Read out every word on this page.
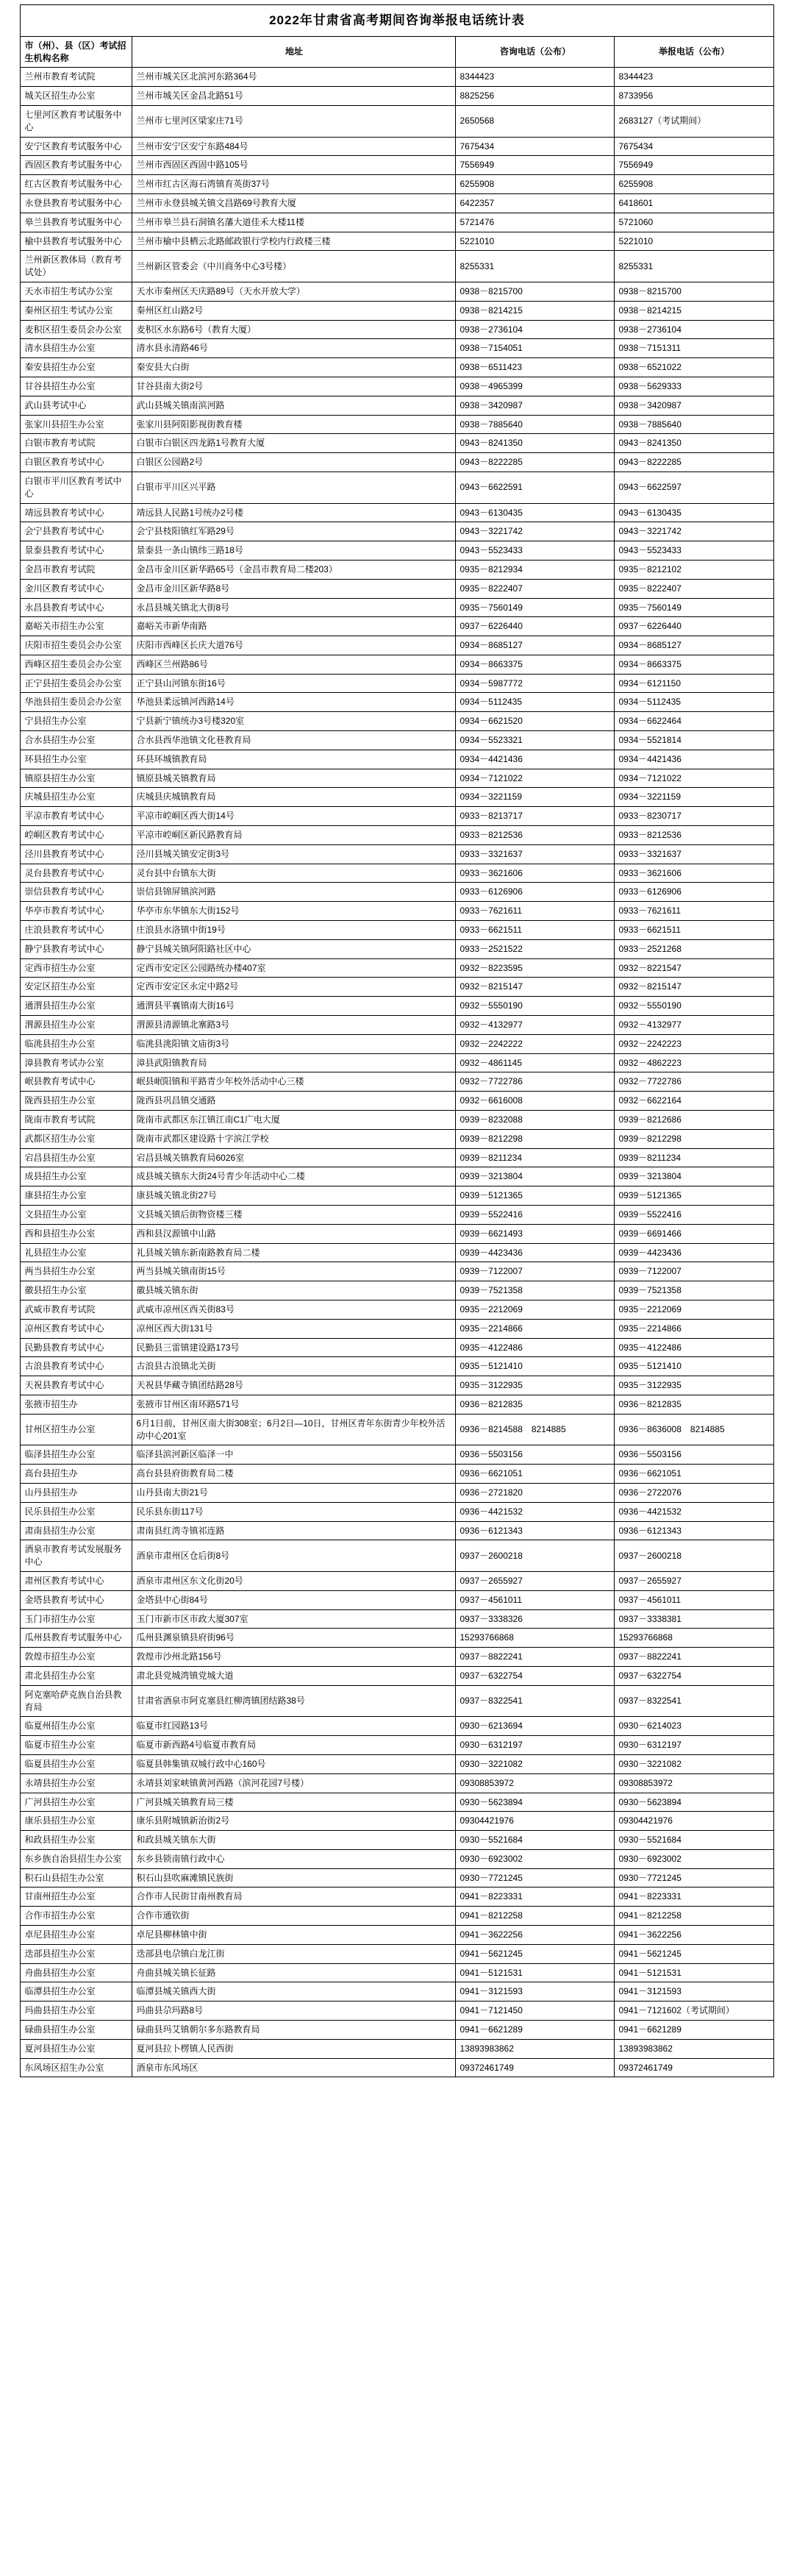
2022年甘肃省高考期间咨询举报电话统计表			
市（州）、县（区）考试招生机构名称	地址	咨询电话（公布）	举报电话（公布）
兰州市教育考试院	兰州市城关区北滨河东路364号	8344423	8344423
城关区招生办公室	兰州市城关区金昌北路51号	8825256	8733956
七里河区教育考试服务中心	兰州市七里河区梁家庄71号	2650568	2683127（考试期间）
安宁区教育考试服务中心	兰州市安宁区安宁东路484号	7675434	7675434
西固区教育考试服务中心	兰州市西固区西固中路105号	7556949	7556949
红古区教育考试服务中心	兰州市红古区海石湾镇育英街37号	6255908	6255908
永登县教育考试服务中心	兰州市永登县城关镇文昌路69号教育大厦	6422357	6418601
皋兰县教育考试服务中心	兰州市皋兰县石洞镇名藩大道佳禾大楼11楼	5721476	5721060
榆中县教育考试服务中心	兰州市榆中县栖云北路邮政银行学校内行政楼三楼	5221010	5221010
兰州新区教体局（教育考试处）	兰州新区管委会（中川商务中心3号楼）	8255331	8255331
天水市招生考试办公室	天水市秦州区天庆路89号（天水开放大学）	0938－8215700	0938－8215700
秦州区招生考试办公室	秦州区红山路2号	0938－8214215	0938－8214215
麦积区招生委员会办公室	麦积区水东路6号（教育大厦）	0938－2736104	0938－2736104
清水县招生办公室	清水县永清路46号	0938－7154051	0938－7151311
秦安县招生办公室	秦安县大白街	0938－6511423	0938－6521022
甘谷县招生办公室	甘谷县南大街2号	0938－4965399	0938－5629333
武山县考试中心	武山县城关镇南滨河路	0938－3420987	0938－3420987
张家川县招生办公室	张家川县阿阳影视街教育楼	0938－7885640	0938－7885640
白银市教育考试院	白银市白银区四龙路1号教育大厦	0943－8241350	0943－8241350
白银区教育考试中心	白银区公园路2号	0943－8222285	0943－8222285
白银市平川区教育考试中心	白银市平川区兴平路	0943－6622591	0943－6622597
靖远县教育考试中心	靖远县人民路1号统办2号楼	0943－6130435	0943－6130435
会宁县教育考试中心	会宁县枝阳镇红军路29号	0943－3221742	0943－3221742
景泰县教育考试中心	景泰县一条山镇纬三路18号	0943－5523433	0943－5523433
金昌市教育考试院	金昌市金川区新华路65号（金昌市教育局二楼203）	0935－8212934	0935－8212102
金川区教育考试中心	金昌市金川区新华路8号	0935－8222407	0935－8222407
永昌县教育考试中心	永昌县城关镇北大街8号	0935－7560149	0935－7560149
嘉峪关市招生办公室	嘉峪关市新华南路	0937－6226440	0937－6226440
庆阳市招生委员会办公室	庆阳市西峰区长庆大道76号	0934－8685127	0934－8685127
西峰区招生委员会办公室	西峰区兰州路86号	0934－8663375	0934－8663375
正宁县招生委员会办公室	正宁县山河镇东街16号	0934－5987772	0934－6121150
华池县招生委员会办公室	华池县柔远镇河西路14号	0934－5112435	0934－5112435
宁县招生办公室	宁县新宁镇统办3号楼320室	0934－6621520	0934－6622464
合水县招生办公室	合水县西华池镇文化巷教育局	0934－5523321	0934－5521814
环县招生办公室	环县环城镇教育局	0934－4421436	0934－4421436
镇原县招生办公室	镇原县城关镇教育局	0934－7121022	0934－7121022
庆城县招生办公室	庆城县庆城镇教育局	0934－3221159	0934－3221159
平凉市教育考试中心	平凉市崆峒区西大街14号	0933－8213717	0933－8230717
崆峒区教育考试中心	平凉市崆峒区新民路教育局	0933－8212536	0933－8212536
泾川县教育考试中心	泾川县城关镇安定街3号	0933－3321637	0933－3321637
灵台县教育考试中心	灵台县中台镇东大街	0933－3621606	0933－3621606
崇信县教育考试中心	崇信县锦屏镇滨河路	0933－6126906	0933－6126906
华亭市教育考试中心	华亭市东华镇东大街152号	0933－7621611	0933－7621611
庄浪县教育考试中心	庄浪县水洛镇中街19号	0933－6621511	0933－6621511
静宁县教育考试中心	静宁县城关镇阿阳路社区中心	0933－2521522	0933－2521268
定西市招生办公室	定西市安定区公园路统办楼407室	0932－8223595	0932－8221547
安定区招生办公室	定西市安定区永定中路2号	0932－8215147	0932－8215147
通渭县招生办公室	通渭县平襄镇南大街16号	0932－5550190	0932－5550190
渭源县招生办公室	渭源县清源镇北寨路3号	0932－4132977	0932－4132977
临洮县招生办公室	临洮县洮阳镇文庙街3号	0932－2242222	0932－2242223
漳县教育考试办公室	漳县武阳镇教育局	0932－4861145	0932－4862223
岷县教育考试中心	岷县岷阳镇和平路青少年校外活动中心三楼	0932－7722786	0932－7722786
陇西县招生办公室	陇西县巩昌镇交通路	0932－6616008	0932－6622164
陇南市教育考试院	陇南市武都区东江镇江南C1广电大厦	0939－8232088	0939－8212686
武都区招生办公室	陇南市武都区建设路十字滨江学校	0939－8212298	0939－8212298
宕昌县招生办公室	宕昌县城关镇教育局6026室	0939－8211234	0939－8211234
成县招生办公室	成县城关镇东大街24号青少年活动中心二楼	0939－3213804	0939－3213804
康县招生办公室	康县城关镇北街27号	0939－5121365	0939－5121365
文县招生办公室	文县城关镇后街物资楼三楼	0939－5522416	0939－5522416
西和县招生办公室	西和县汉源镇中山路	0939－6621493	0939－6691466
礼县招生办公室	礼县城关镇东新南路教育局二楼	0939－4423436	0939－4423436
两当县招生办公室	两当县城关镇南街15号	0939－7122007	0939－7122007
徽县招生办公室	徽县城关镇东街	0939－7521358	0939－7521358
武威市教育考试院	武威市凉州区西关街83号	0935－2212069	0935－2212069
凉州区教育考试中心	凉州区西大街131号	0935－2214866	0935－2214866
民勤县教育考试中心	民勤县三雷镇建设路173号	0935－4122486	0935－4122486
古浪县教育考试中心	古浪县古浪镇北关街	0935－5121410	0935－5121410
天祝县教育考试中心	天祝县华藏寺镇团结路28号	0935－3122935	0935－3122935
张掖市招生办	张掖市甘州区南环路571号	0936－8212835	0936－8212835
甘州区招生办公室	6月1日前，甘州区南大街308室；6月2日—10日，甘州区青年东街青少年校外活动中心201室	0936－8214588　8214885	0936－8636008　8214885
临泽县招生办公室	临泽县滨河新区临泽一中	0936－5503156	0936－5503156
高台县招生办	高台县县府街教育局二楼	0936－6621051	0936－6621051
山丹县招生办	山丹县南大街21号	0936－2721820	0936－2722076
民乐县招生办公室	民乐县东街117号	0936－4421532	0936－4421532
肃南县招生办公室	肃南县红湾寺镇祁连路	0936－6121343	0936－6121343
酒泉市教育考试发展服务中心	酒泉市肃州区仓后街8号	0937－2600218	0937－2600218
肃州区教育考试中心	酒泉市肃州区东文化街20号	0937－2655927	0937－2655927
金塔县教育考试中心	金塔县中心街84号	0937－4561011	0937－4561011
玉门市招生办公室	玉门市新市区市政大厦307室	0937－3338326	0937－3338381
瓜州县教育考试服务中心	瓜州县渊泉镇县府街96号	15293766868	15293766868
敦煌市招生办公室	敦煌市沙州北路156号	0937－8822241	0937－8822241
肃北县招生办公室	肃北县党城湾镇党城大道	0937－6322754	0937－6322754
阿克塞哈萨克族自治县教育局	甘肃省酒泉市阿克塞县红柳湾镇团结路38号	0937－8322541	0937－8322541
临夏州招生办公室	临夏市红园路13号	0930－6213694	0930－6214023
临夏市招生办公室	临夏市新西路4号临夏市教育局	0930－6312197	0930－6312197
临夏县招生办公室	临夏县韩集镇双城行政中心160号	0930－3221082	0930－3221082
永靖县招生办公室	永靖县刘家峡镇黄河西路（滨河花园7号楼）	09308853972	09308853972
广河县招生办公室	广河县城关镇教育局三楼	0930－5623894	0930－5623894
康乐县招生办公室	康乐县附城镇新治街2号	09304421976	09304421976
和政县招生办公室	和政县城关镇东大街	0930－5521684	0930－5521684
东乡族自治县招生办公室	东乡县锁南镇行政中心	0930－6923002	0930－6923002
积石山县招生办公室	积石山县吹麻滩镇民族街	0930－7721245	0930－7721245
甘南州招生办公室	合作市人民街甘南州教育局	0941－8223331	0941－8223331
合作市招生办公室	合作市通钦街	0941－8212258	0941－8212258
卓尼县招生办公室	卓尼县柳林镇中街	0941－3622256	0941－3622256
迭部县招生办公室	迭部县电尕镇白龙江街	0941－5621245	0941－5621245
舟曲县招生办公室	舟曲县城关镇长征路	0941－5121531	0941－5121531
临潭县招生办公室	临潭县城关镇西大街	0941－3121593	0941－3121593
玛曲县招生办公室	玛曲县尕玛路8号	0941－7121450	0941－7121602（考试期间）
碌曲县招生办公室	碌曲县玛艾镇朝尔多东路教育局	0941－6621289	0941－6621289
夏河县招生办公室	夏河县拉卜楞镇人民西街	13893983862	13893983862
东风场区招生办公室	酒泉市东风场区	09372461749	09372461749
